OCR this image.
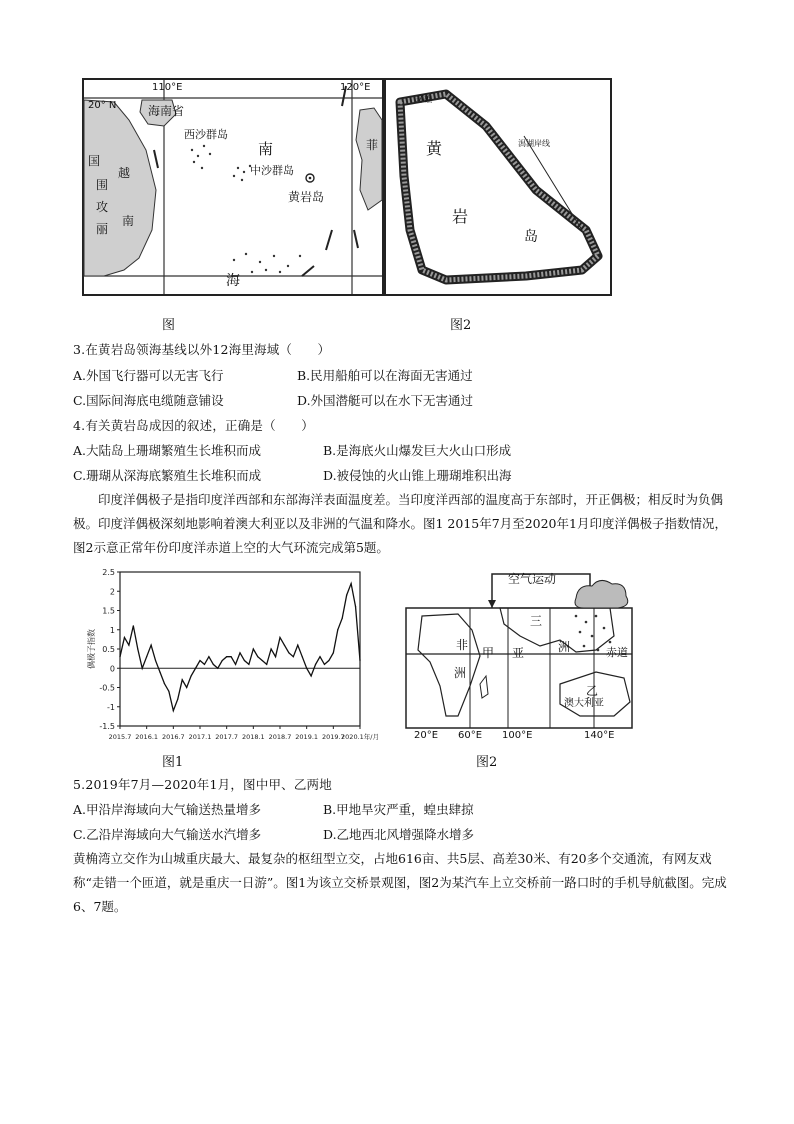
110°E	120°E
20° N	海南省
西沙群岛
南
中沙群岛
黄岩岛
海
越
菲
国
围
攻
丽
南
环礁
潟湖岸线
黄
岩
岛
图	图2
3.在黄岩岛领海基线以外12海里海域（　　）
A.外国飞行器可以无害飞行	B.民用船舶可以在海面无害通过
C.国际间海底电缆随意铺设	D.外国潜艇可以在水下无害通过
4.有关黄岩岛成因的叙述，正确是（　　）
A.大陆岛上珊瑚繁殖生长堆积而成	B.是海底火山爆发巨大火山口形成
C.珊瑚从深海底繁殖生长堆积而成	D.被侵蚀的火山锥上珊瑚堆积出海
印度洋偶极子是指印度洋西部和东部海洋表面温度差。当印度洋西部的温度高于东部时，开正偶极；相反时为负偶极。印度洋偶极深刻地影响着澳大利亚以及非洲的气温和降水。图1 2015年7月至2020年1月印度洋偶极子指数情况，图2示意正常年份印度洋赤道上空的大气环流完成第5题。
2.5
2
1.5
1
0.5
0
-0.5
-1
-1.5
2015.7 2016.1 2016.7 2017.1 2017.7 2018.1 2018.7 2019.1 2019.7
2020.1年/月
偶极子指数
空气运动
三
洲
亚
非
洲
甲	赤道
乙
澳大利亚
20°E 60°E 100°E	140°E
图1	图2
5.2019年7月—2020年1月，图中甲、乙两地
A.甲沿岸海域向大气输送热量增多	B.甲地旱灾严重，蝗虫肆掠
C.乙沿岸海域向大气输送水汽增多	D.乙地西北风增强降水增多
黄桷湾立交作为山城重庆最大、最复杂的枢纽型立交，占地616亩、共5层、高差30米、有20多个交通流，有网友戏称“走错一个匝道，就是重庆一日游”。图1为该立交桥景观图，图2为某汽车上立交桥前一路口时的手机导航截图。完成6、7题。
